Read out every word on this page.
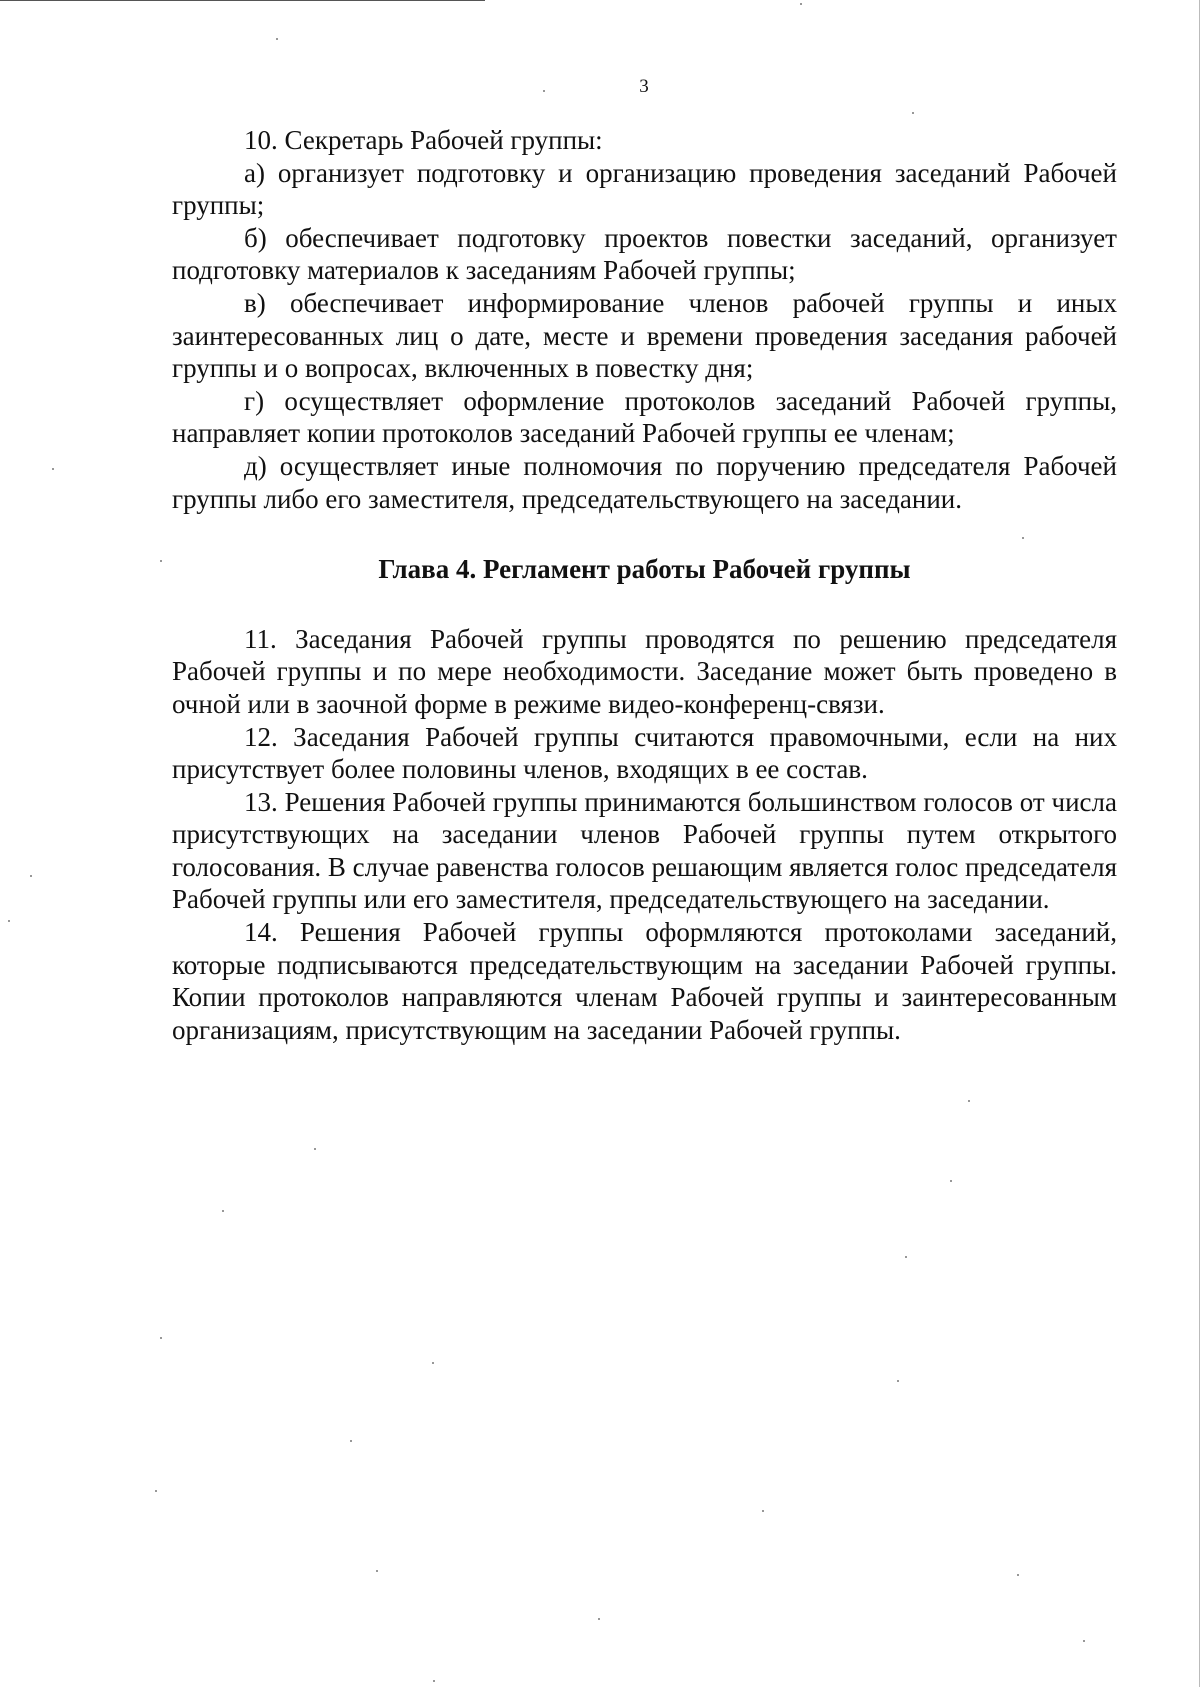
3

10. Секретарь Рабочей группы:

а) организует подготовку и организацию проведения заседаний Рабочей группы;

б) обеспечивает подготовку проектов повестки заседаний, организует подготовку материалов к заседаниям Рабочей группы;

в) обеспечивает информирование членов рабочей группы и иных заинтересованных лиц о дате, месте и времени проведения заседания рабочей группы и о вопросах, включенных в повестку дня;

г) осуществляет оформление протоколов заседаний Рабочей группы, направляет копии протоколов заседаний Рабочей группы ее членам;

д) осуществляет иные полномочия по поручению председателя Рабочей группы либо его заместителя, председательствующего на заседании.

Глава 4. Регламент работы Рабочей группы

11. Заседания Рабочей группы проводятся по решению председателя Рабочей группы и по мере необходимости. Заседание может быть проведено в очной или в заочной форме в режиме видео-конференц-связи.

12. Заседания Рабочей группы считаются правомочными, если на них присутствует более половины членов, входящих в ее состав.

13. Решения Рабочей группы принимаются большинством голосов от числа присутствующих на заседании членов Рабочей группы путем открытого голосования. В случае равенства голосов решающим является голос председателя Рабочей группы или его заместителя, председательствующего на заседании.

14. Решения Рабочей группы оформляются протоколами заседаний, которые подписываются председательствующим на заседании Рабочей группы. Копии протоколов направляются членам Рабочей группы и заинтересованным организациям, присутствующим на заседании Рабочей группы.
